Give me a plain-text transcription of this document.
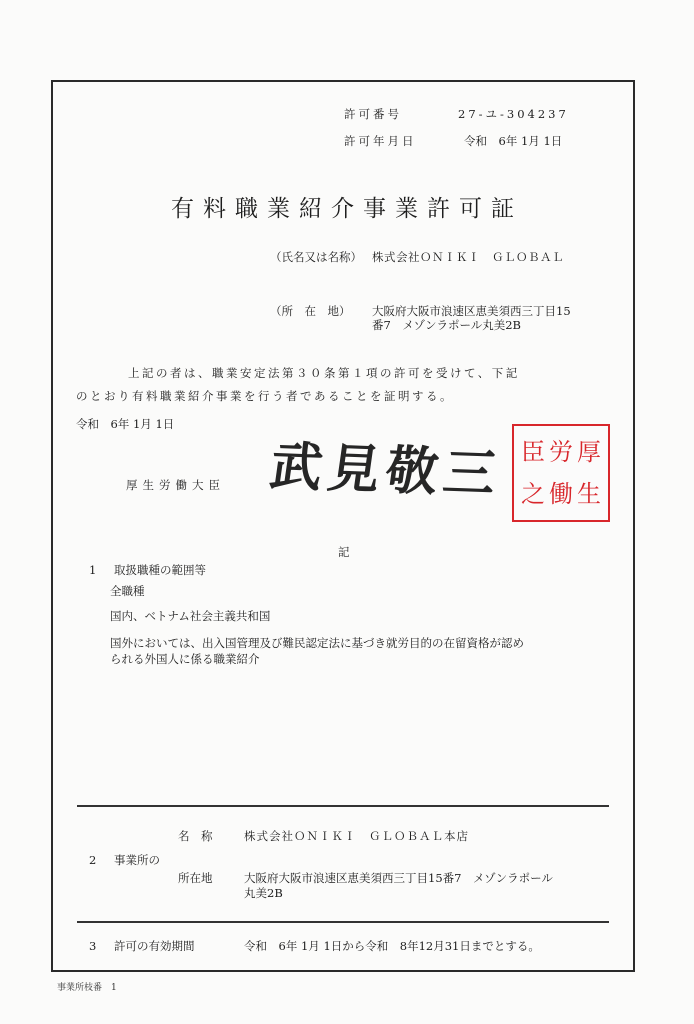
許可番号	27-ユ-304237
許可年月日	令和　6年 1月 1日
有料職業紹介事業許可証
（氏名又は名称） 株式会社ＯＮＩＫＩ　ＧＬＯＢＡＬ
（所　在　地） 大阪府大阪市浪速区恵美須西三丁目15
番7　メゾンラポール丸美2B
上記の者は、職業安定法第３０条第１項の許可を受けて、下記
のとおり有料職業紹介事業を行う者であることを証明する。
令和　6年 1月 1日
厚生労働大臣 武見敬三 臣 労 厚
之 働 生
記
1 取扱職種の範囲等
全職種
国内、ベトナム社会主義共和国
国外においては、出入国管理及び難民認定法に基づき就労目的の在留資格が認め
られる外国人に係る職業紹介
名　称	株式会社ＯＮＩＫＩ　ＧＬＯＢＡＬ本店
2 事業所の
所在地	大阪府大阪市浪速区恵美須西三丁目15番7　メゾンラポール
丸美2B
3 許可の有効期間	令和　6年 1月 1日から令和　8年12月31日までとする。
事業所枝番　1
